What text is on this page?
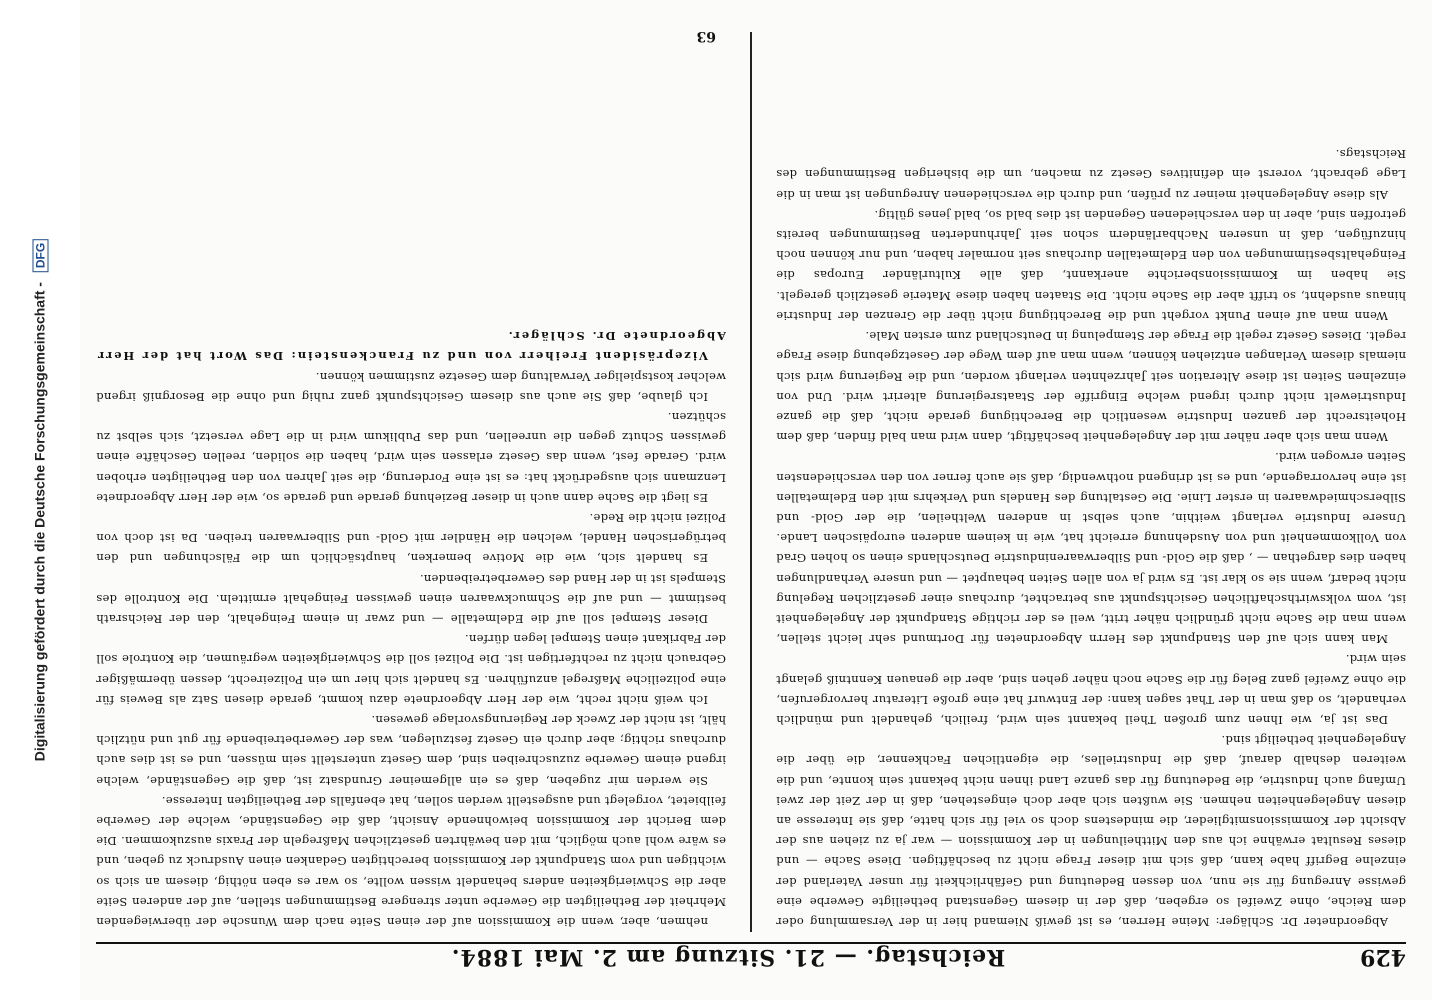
Digitalisierung gefördert durch die Deutsche Forschungsgemeinschaft - DFG
429
Reichstag. — 21. Sitzung am 2. Mai 1884.

Abgeordneter Dr. Schläger: Meine Herren, es ist gewiß Niemand hier in der Versammlung oder dem Reiche, ohne Zweifel so ergeben, daß der in diesem Gegenstand betheiligte Gewerbe eine gewisse Anregung für sie nun, von dessen Bedeutung und Gefährlichkeit für unser Vaterland der einzelne Begriff habe kann, daß sich mit dieser Frage nicht zu beschäftigen. Diese Sache — und dieses Resultat erwähne ich aus den Mittheilungen in der Kommission — war ja zu ziehen aus der Absicht der Kommissionsmitglieder, die mindestens doch so viel für sich hatte, daß sie Interesse an diesen Angelegenheiten nehmen. Sie wußten sich aber doch eingestehen, daß in der Zeit der zwei Umfang auch Industrie, die Bedeutung für das ganze Land ihnen nicht bekannt sein konnte, und die weiteren deshalb darauf, daß die Industrielles, die eigentlichen Fachkenner, die über die Angelegenheit betheiligt sind.

Das ist ja, wie Ihnen zum großen Theil bekannt sein wird, freilich, gehandelt und mündlich verhandelt, so daß man in der That sagen kann: der Entwurf hat eine große Literatur hervorgerufen, die ohne Zweifel ganz Beleg für die Sache noch näher gehen sind, aber die genauen Kenntniß gelangt sein wird.

Man kann sich auf den Standpunkt des Herrn Abgeordneten für Dortmund sehr leicht stellen, wenn man die Sache nicht gründlich näher tritt, weil es der richtige Standpunkt der Angelegenheit ist, vom volkswirthschaftlichen Gesichtspunkt aus betrachtet, durchaus einer gesetzlichen Regelung nicht bedarf, wenn sie so klar ist. Es wird ja von allen Seiten behauptet — und unsere Verhandlungen haben dies dargethan — , daß die Gold- und Silberwaarenindustrie Deutschlands einen so hohen Grad von Vollkommenheit und von Ausdehnung erreicht hat, wie in keinem anderen europäischen Lande. Unsere Industrie verlangt weithin, auch selbst in anderen Weltheilen, die der Gold- und Silberschmiedwaaren in erster Linie. Die Gestaltung des Handels und Verkehrs mit den Edelmetallen ist eine hervorragende, und es ist dringend nothwendig, daß sie auch ferner von den verschiedensten Seiten erwogen wird.

Wenn man sich aber näher mit der Angelegenheit beschäftigt, dann wird man bald finden, daß dem Hoheitsrecht der ganzen Industrie wesentlich die Berechtigung gerade nicht, daß die ganze Industriewelt nicht durch irgend welche Eingriffe der Staatsregierung alterirt wird. Und von einzelnen Seiten ist diese Alteration seit Jahrzehnten verlangt worden, und die Regierung wird sich niemals diesem Verlangen entziehen können, wenn man auf dem Wege der Gesetzgebung diese Frage regelt. Dieses Gesetz regelt die Frage der Stempelung in Deutschland zum ersten Male.

Wenn man auf einen Punkt vorgeht und die Berechtigung nicht über die Grenzen der Industrie hinaus ausdehnt, so trifft aber die Sache nicht. Die Staaten haben diese Materie gesetzlich geregelt. Sie haben im Kommissionsberichte anerkannt, daß alle Kulturländer Europas die Feingehaltsbestimmungen von den Edelmetallen durchaus seit normaler haben, und nur können noch hinzufügen, daß in unseren Nachbarländern schon seit Jahrhunderten Bestimmungen bereits getroffen sind, aber in den verschiedenen Gegenden ist dies bald so, bald jenes gültig.

Als diese Angelegenheit meiner zu prüfen, und durch die verschiedenen Anregungen ist man in die Lage gebracht, vorerst ein definitives Gesetz zu machen, um die bisherigen Bestimmungen des Reichstags.

nehmen, aber, wenn die Kommission auf der einen Seite nach dem Wunsche der überwiegenden Mehrheit der Betheiligten die Gewerbe unter strengere Bestimmungen stellen, auf der anderen Seite aber die Schwierigkeiten anders behandelt wissen wollte, so war es eben nöthig, diesem an sich so wichtigen und vom Standpunkt der Kommission berechtigten Gedanken einen Ausdruck zu geben, und es wäre wohl auch möglich, mit den bewährten gesetzlichen Maßregeln der Praxis auszukommen. Die dem Bericht der Kommission beiwohnende Ansicht, daß die Gegenstände, welche der Gewerbe feilbietet, vorgelegt und ausgestellt werden sollen, hat ebenfalls der Betheiligten Interesse.

Sie werden mir zugeben, daß es ein allgemeiner Grundsatz ist, daß die Gegenstände, welche irgend einem Gewerbe zuzuschreiben sind, dem Gesetz unterstellt sein müssen, und es ist dies auch durchaus richtig; aber durch ein Gesetz festzulegen, was der Gewerbetreibende für gut und nützlich hält, ist nicht der Zweck der Regierungsvorlage gewesen.

Ich weiß nicht recht, wie der Herr Abgeordnete dazu kommt, gerade diesen Satz als Beweis für eine polizeiliche Maßregel anzuführen. Es handelt sich hier um ein Polizeirecht, dessen übermäßiger Gebrauch nicht zu rechtfertigen ist. Die Polizei soll die Schwierigkeiten wegräumen, die Kontrole soll der Fabrikant einen Stempel legen dürfen.

Dieser Stempel soll auf die Edelmetalle — und zwar in einem Feingehalt, den der Reichsrath bestimmt — und auf die Schmuckwaaren einen gewissen Feingehalt ermitteln. Die Kontrolle des Stempels ist in der Hand des Gewerbetreibenden.

Es handelt sich, wie die Motive bemerken, hauptsächlich um die Fälschungen und den betrügerischen Handel, welchen die Händler mit Gold- und Silberwaaren treiben. Da ist doch von Polizei nicht die Rede.

Es liegt die Sache dann auch in dieser Beziehung gerade und gerade so, wie der Herr Abgeordnete Lenzmann sich ausgedrückt hat: es ist eine Forderung, die seit Jahren von den Betheiligten erhoben wird. Gerade fest, wenn das Gesetz erlassen sein wird, haben die soliden, reellen Geschäfte einen gewissen Schutz gegen die unreellen, und das Publikum wird in die Lage versetzt, sich selbst zu schützen.

Ich glaube, daß Sie auch aus diesem Gesichtspunkt ganz ruhig und ohne die Besorgniß irgend welcher kostspieliger Verwaltung dem Gesetze zustimmen können.

Vizepräsident Freiherr von und zu Franckenstein: Das Wort hat der Herr Abgeordnete Dr. Schläger.

63
